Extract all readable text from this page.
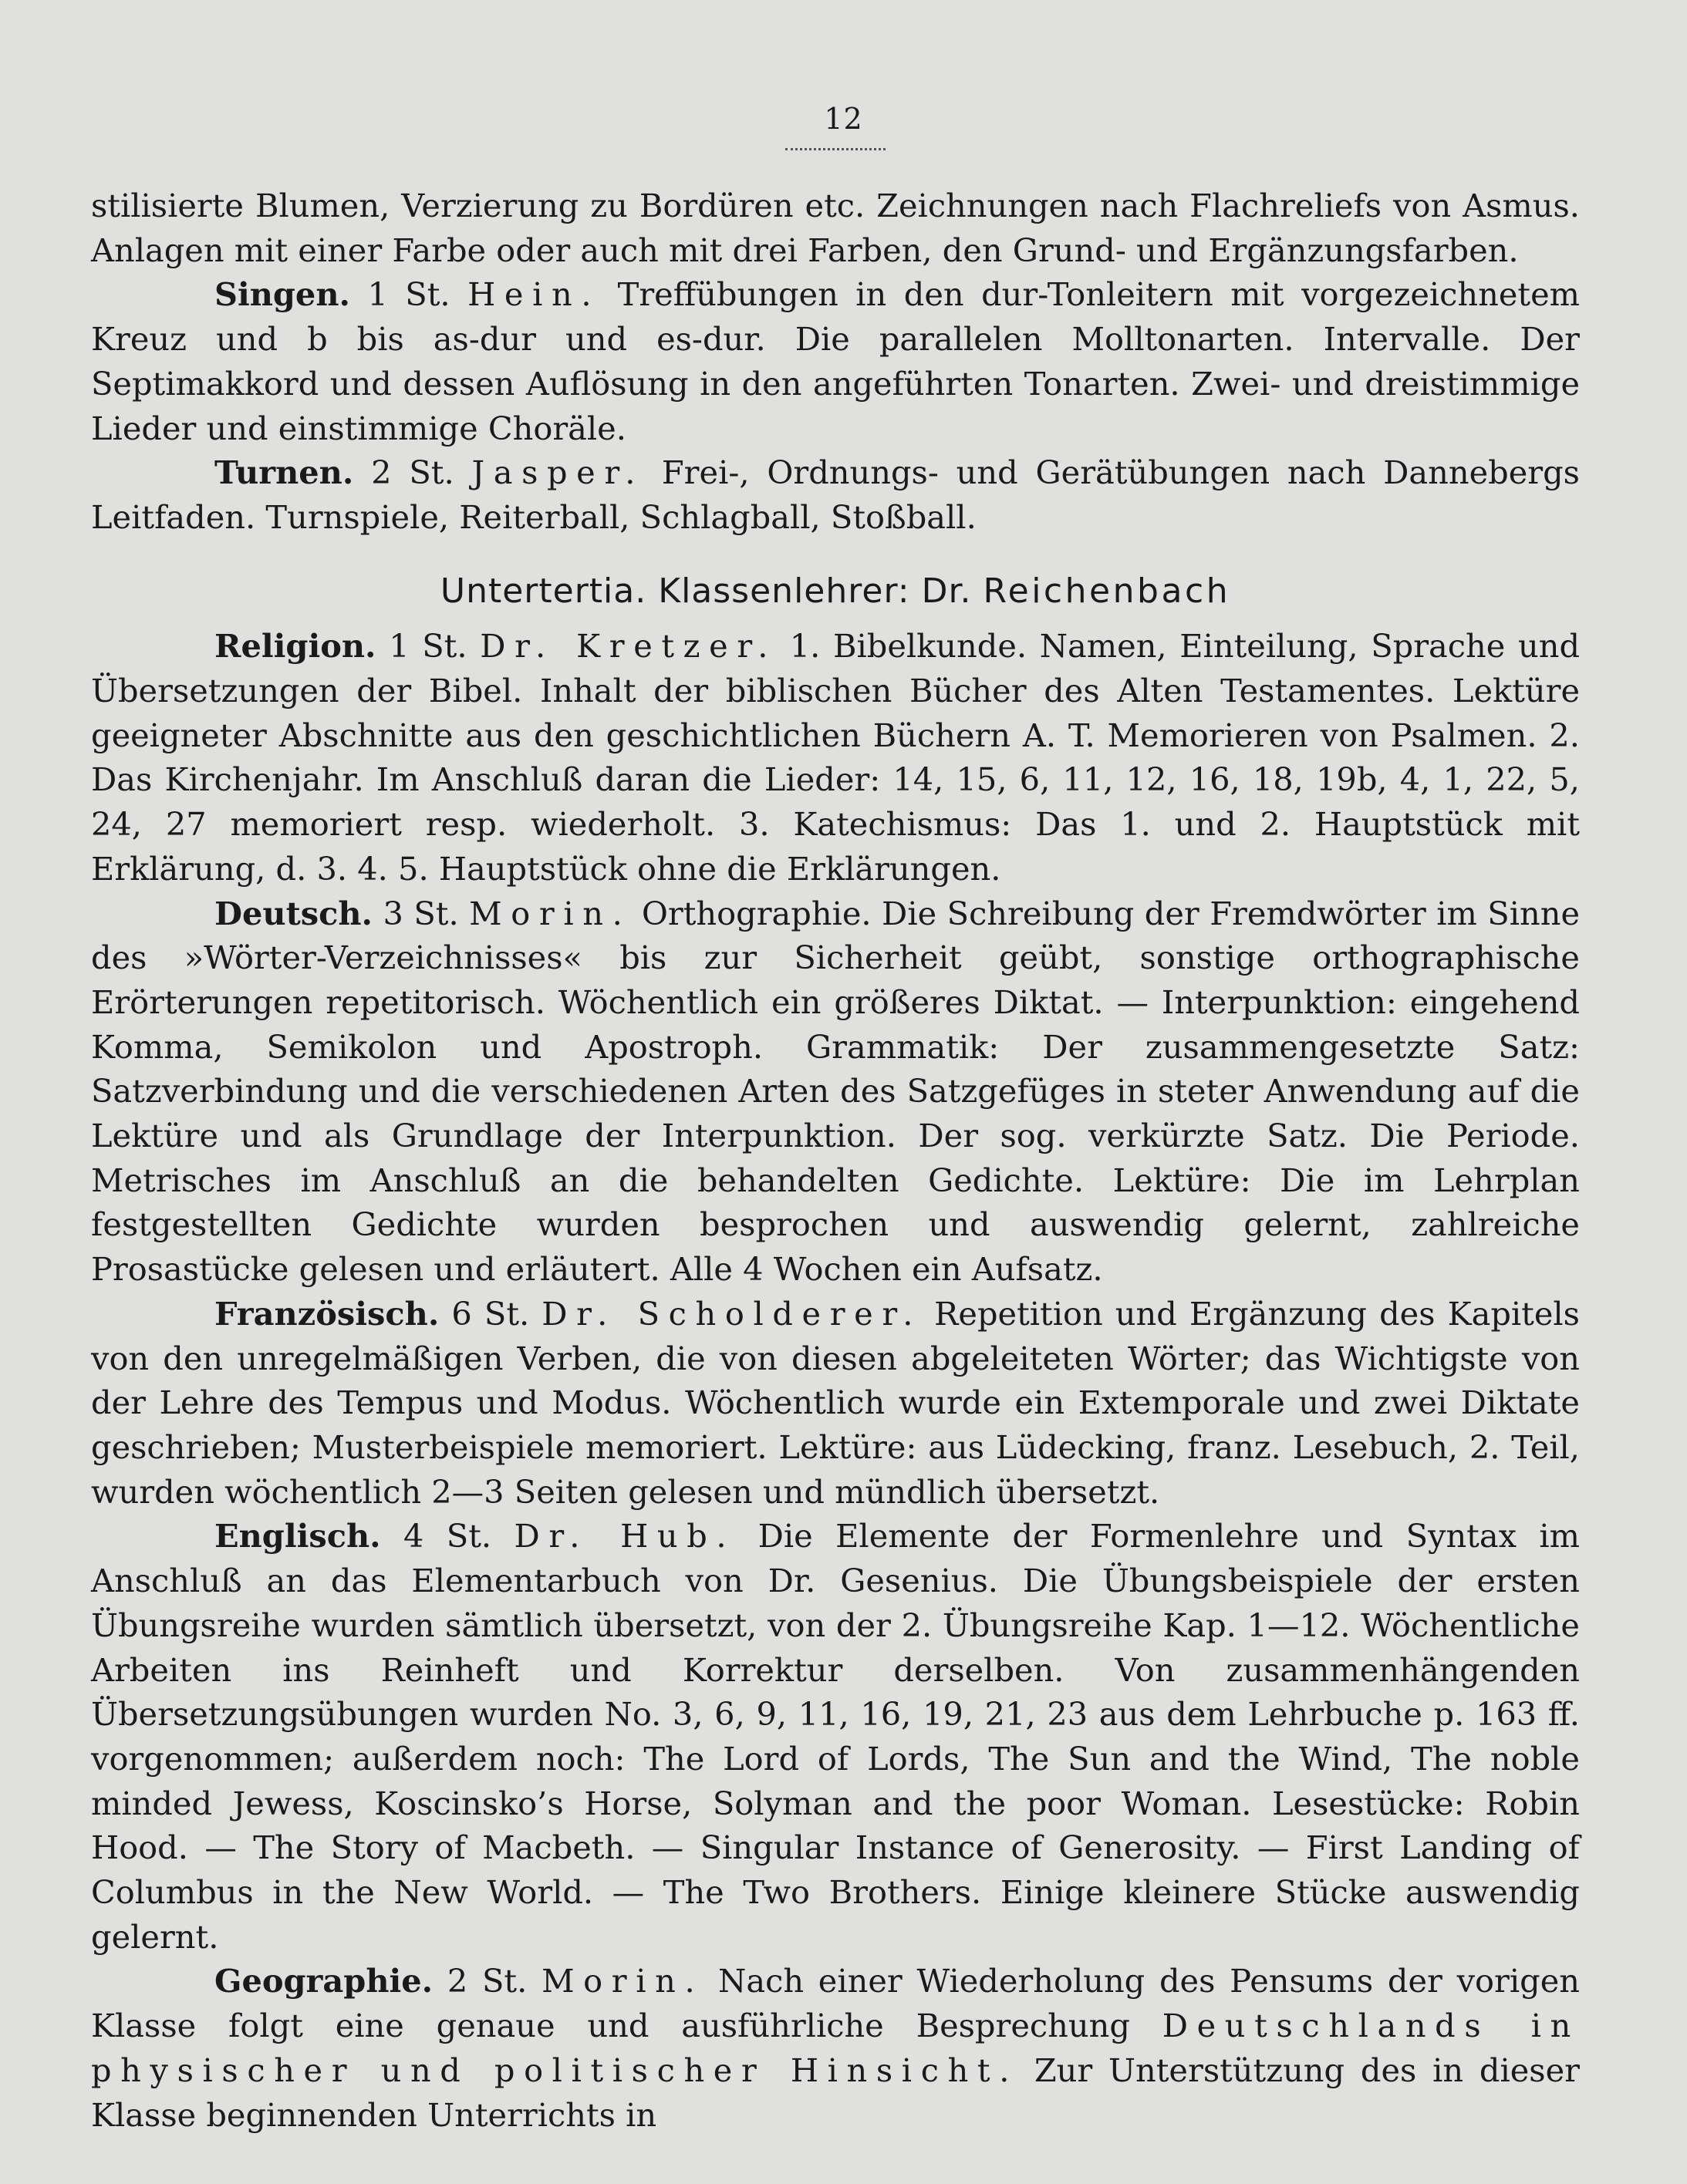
12

stilisierte Blumen, Verzierung zu Bordüren etc. Zeichnungen nach Flachreliefs von Asmus. Anlagen mit einer Farbe oder auch mit drei Farben, den Grund- und Ergänzungsfarben.

Singen. 1 St. Hein. Treffübungen in den dur-Tonleitern mit vorgezeichnetem Kreuz und b bis as-dur und es-dur. Die parallelen Molltonarten. Intervalle. Der Septimakkord und dessen Auflösung in den angeführten Tonarten. Zwei- und dreistimmige Lieder und einstimmige Choräle.

Turnen. 2 St. Jasper. Frei-, Ordnungs- und Gerätübungen nach Dannebergs Leitfaden. Turnspiele, Reiterball, Schlagball, Stoßball.

Untertertia. Klassenlehrer: Dr. Reichenbach

Religion. 1 St. Dr. Kretzer. 1. Bibelkunde. Namen, Einteilung, Sprache und Übersetzungen der Bibel. Inhalt der biblischen Bücher des Alten Testamentes. Lektüre geeigneter Abschnitte aus den geschichtlichen Büchern A. T. Memorieren von Psalmen. 2. Das Kirchenjahr. Im Anschluß daran die Lieder: 14, 15, 6, 11, 12, 16, 18, 19b, 4, 1, 22, 5, 24, 27 memoriert resp. wiederholt. 3. Katechismus: Das 1. und 2. Hauptstück mit Erklärung, d. 3. 4. 5. Hauptstück ohne die Erklärungen.

Deutsch. 3 St. Morin. Orthographie. Die Schreibung der Fremdwörter im Sinne des »Wörter-Verzeichnisses« bis zur Sicherheit geübt, sonstige orthographische Erörterungen repetitorisch. Wöchentlich ein größeres Diktat. — Interpunktion: eingehend Komma, Semikolon und Apostroph. Grammatik: Der zusammengesetzte Satz: Satzverbindung und die verschiedenen Arten des Satzgefüges in steter Anwendung auf die Lektüre und als Grundlage der Interpunktion. Der sog. verkürzte Satz. Die Periode. Metrisches im Anschluß an die behandelten Gedichte. Lektüre: Die im Lehrplan festgestellten Gedichte wurden besprochen und auswendig gelernt, zahlreiche Prosastücke gelesen und erläutert. Alle 4 Wochen ein Aufsatz.

Französisch. 6 St. Dr. Scholderer. Repetition und Ergänzung des Kapitels von den unregelmäßigen Verben, die von diesen abgeleiteten Wörter; das Wichtigste von der Lehre des Tempus und Modus. Wöchentlich wurde ein Extemporale und zwei Diktate geschrieben; Musterbeispiele memoriert. Lektüre: aus Lüdecking, franz. Lesebuch, 2. Teil, wurden wöchentlich 2—3 Seiten gelesen und mündlich übersetzt.

Englisch. 4 St. Dr. Hub. Die Elemente der Formenlehre und Syntax im Anschluß an das Elementarbuch von Dr. Gesenius. Die Übungsbeispiele der ersten Übungsreihe wurden sämtlich übersetzt, von der 2. Übungsreihe Kap. 1—12. Wöchentliche Arbeiten ins Reinheft und Korrektur derselben. Von zusammenhängenden Übersetzungsübungen wurden No. 3, 6, 9, 11, 16, 19, 21, 23 aus dem Lehrbuche p. 163 ff. vorgenommen; außerdem noch: The Lord of Lords, The Sun and the Wind, The noble minded Jewess, Koscinsko’s Horse, Solyman and the poor Woman. Lesestücke: Robin Hood. — The Story of Macbeth. — Singular Instance of Generosity. — First Landing of Columbus in the New World. — The Two Brothers. Einige kleinere Stücke auswendig gelernt.

Geographie. 2 St. Morin. Nach einer Wiederholung des Pensums der vorigen Klasse folgt eine genaue und ausführliche Besprechung Deutschlands in physischer und politischer Hinsicht. Zur Unterstützung des in dieser Klasse beginnenden Unterrichts in
